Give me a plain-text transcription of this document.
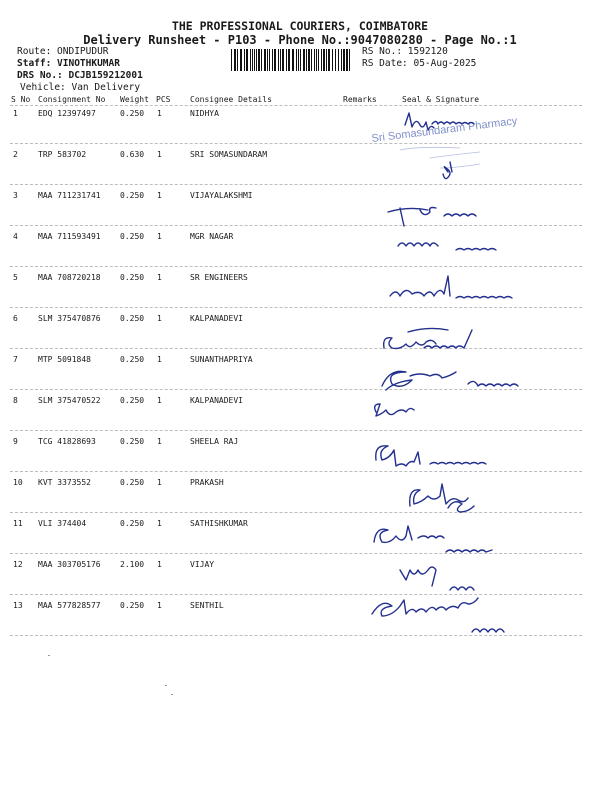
THE PROFESSIONAL COURIERS, COIMBATORE
Delivery Runsheet - P103 - Phone No.:9047080280 - Page No.:1
Route: ONDIPUDUR
Staff: VINOTHKUMAR
DRS No.: DCJB159212001
Vehicle: Van Delivery
RS No.: 1592120
RS Date: 05-Aug-2025
S No Consignment No Weight PCS Consignee Details	Remarks	Seal & Signature
1	EDQ 12397497	0.250 1	NIDHYA
2	TRP 583702	0.630 1	SRI SOMASUNDARAM
3	MAA 711231741 0.250 1	VIJAYALAKSHMI
4	MAA 711593491 0.250 1	MGR NAGAR
5	MAA 708720218 0.250 1	SR ENGINEERS
6	SLM 375470876 0.250 1	KALPANADEVI
7	MTP 5091848	0.250 1	SUNANTHAPRIYA
8	SLM 375470522 0.250 1	KALPANADEVI
9	TCG 41828693	0.250 1	SHEELA RAJ
10 KVT 3373552	0.250 1	PRAKASH
11 VLI 374404	0.250 1	SATHISHKUMAR
12 MAA 303705176 2.100 1	VIJAY
13 MAA 577828577 0.250 1	SENTHIL
Sri Somasundaram Pharmacy
